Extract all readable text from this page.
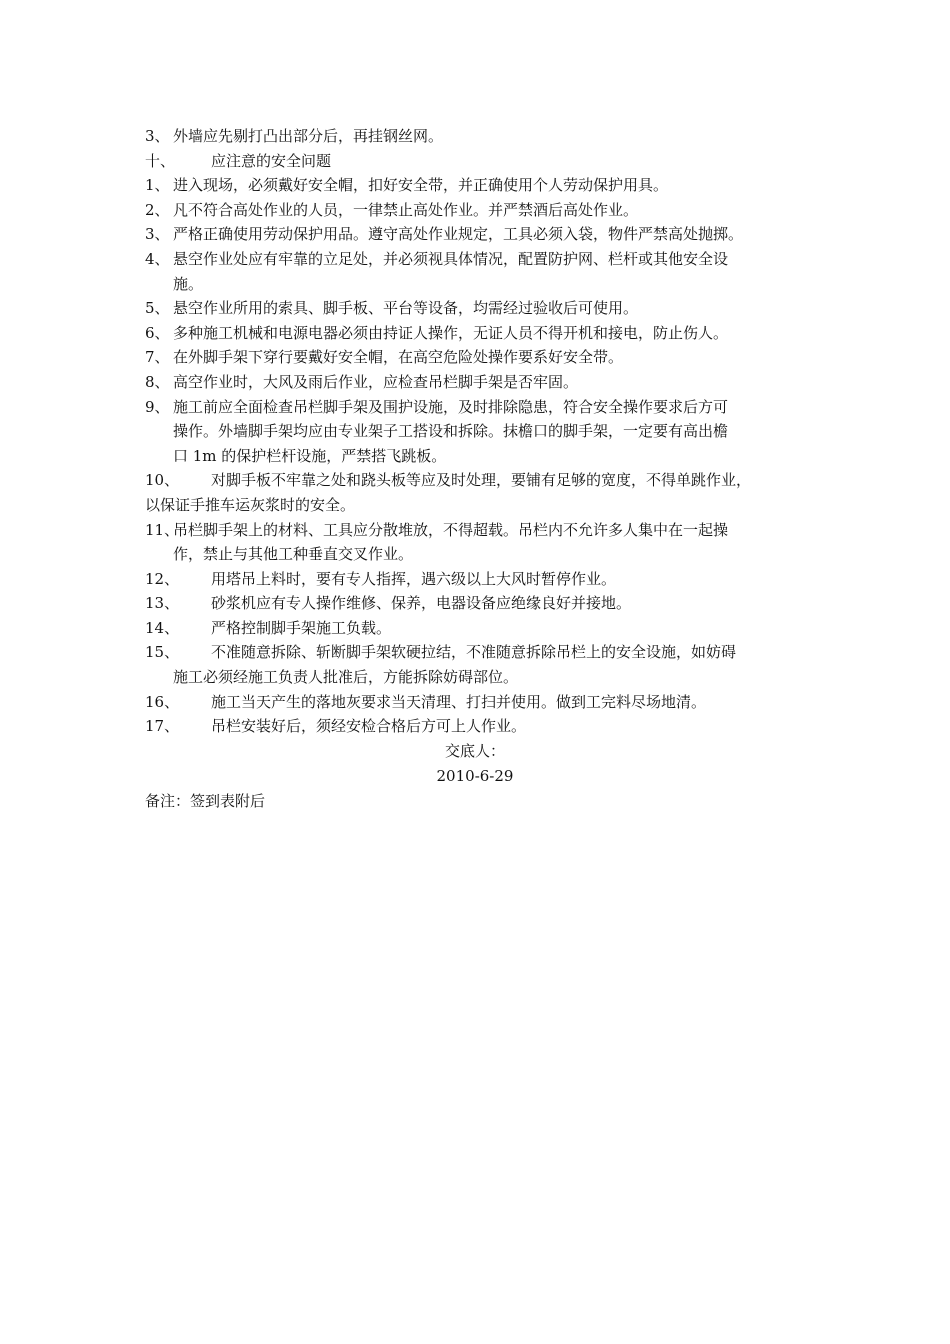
3、 外墙应先剔打凸出部分后，再挂钢丝网。
十、	应注意的安全问题
1、 进入现场，必须戴好安全帽，扣好安全带，并正确使用个人劳动保护用具。
2、 凡不符合高处作业的人员，一律禁止高处作业。并严禁酒后高处作业。
3、 严格正确使用劳动保护用品。遵守高处作业规定，工具必须入袋，物件严禁高处抛掷。
4、 悬空作业处应有牢靠的立足处，并必须视具体情况，配置防护网、栏杆或其他安全设
施。
5、 悬空作业所用的索具、脚手板、平台等设备，均需经过验收后可使用。
6、 多种施工机械和电源电器必须由持证人操作，无证人员不得开机和接电，防止伤人。
7、 在外脚手架下穿行要戴好安全帽，在高空危险处操作要系好安全带。
8、 高空作业时，大风及雨后作业，应检查吊栏脚手架是否牢固。
9、 施工前应全面检查吊栏脚手架及围护设施，及时排除隐患，符合安全操作要求后方可
操作。外墙脚手架均应由专业架子工搭设和拆除。抹檐口的脚手架，一定要有高出檐
口 1m 的保护栏杆设施，严禁搭飞跳板。
10、	对脚手板不牢靠之处和跷头板等应及时处理，要铺有足够的宽度，不得单跳作业，
以保证手推车运灰浆时的安全。
11、
吊栏脚手架上的材料、工具应分散堆放，不得超载。吊栏内不允许多人集中在一起操
作，禁止与其他工种垂直交叉作业。
12、	用塔吊上料时，要有专人指挥，遇六级以上大风时暂停作业。
13、	砂浆机应有专人操作维修、保养，电器设备应绝缘良好并接地。
14、	严格控制脚手架施工负载。
15、	不准随意拆除、斩断脚手架软硬拉结，不准随意拆除吊栏上的安全设施，如妨碍
施工必须经施工负责人批准后，方能拆除妨碍部位。
16、	施工当天产生的落地灰要求当天清理、打扫并使用。做到工完料尽场地清。
17、	吊栏安装好后，须经安检合格后方可上人作业。
交底人：
2010-6-29
备注：签到表附后
